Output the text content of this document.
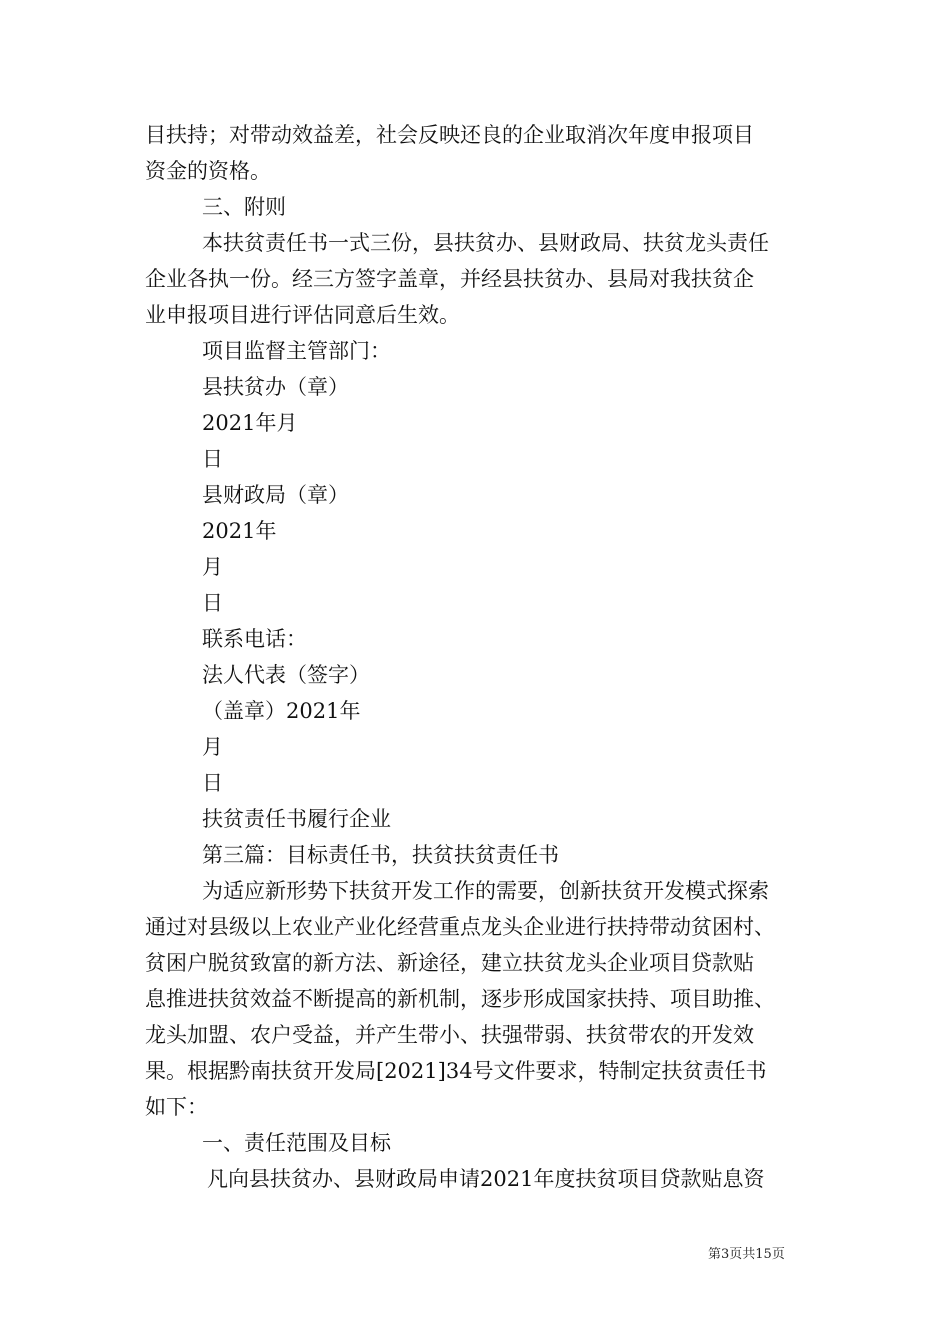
目扶持；对带动效益差，社会反映还良的企业取消次年度申报项目
资金的资格。
三、附则
本扶贫责任书一式三份，县扶贫办、县财政局、扶贫龙头责任
企业各执一份。经三方签字盖章，并经县扶贫办、县局对我扶贫企
业申报项目进行评估同意后生效。
项目监督主管部门：
县扶贫办（章）
2021年月
日
县财政局（章）
2021年
月
日
联系电话：
法人代表（签字）
（盖章）2021年
月
日
扶贫责任书履行企业
第三篇：目标责任书，扶贫扶贫责任书
为适应新形势下扶贫开发工作的需要，创新扶贫开发模式探索
通过对县级以上农业产业化经营重点龙头企业进行扶持带动贫困村、
贫困户脱贫致富的新方法、新途径，建立扶贫龙头企业项目贷款贴
息推进扶贫效益不断提高的新机制，逐步形成国家扶持、项目助推、
龙头加盟、农户受益，并产生带小、扶强带弱、扶贫带农的开发效
果。根据黔南扶贫开发局[2021]34号文件要求，特制定扶贫责任书
如下：
一、责任范围及目标
凡向县扶贫办、县财政局申请2021年度扶贫项目贷款贴息资
第3页共15页
